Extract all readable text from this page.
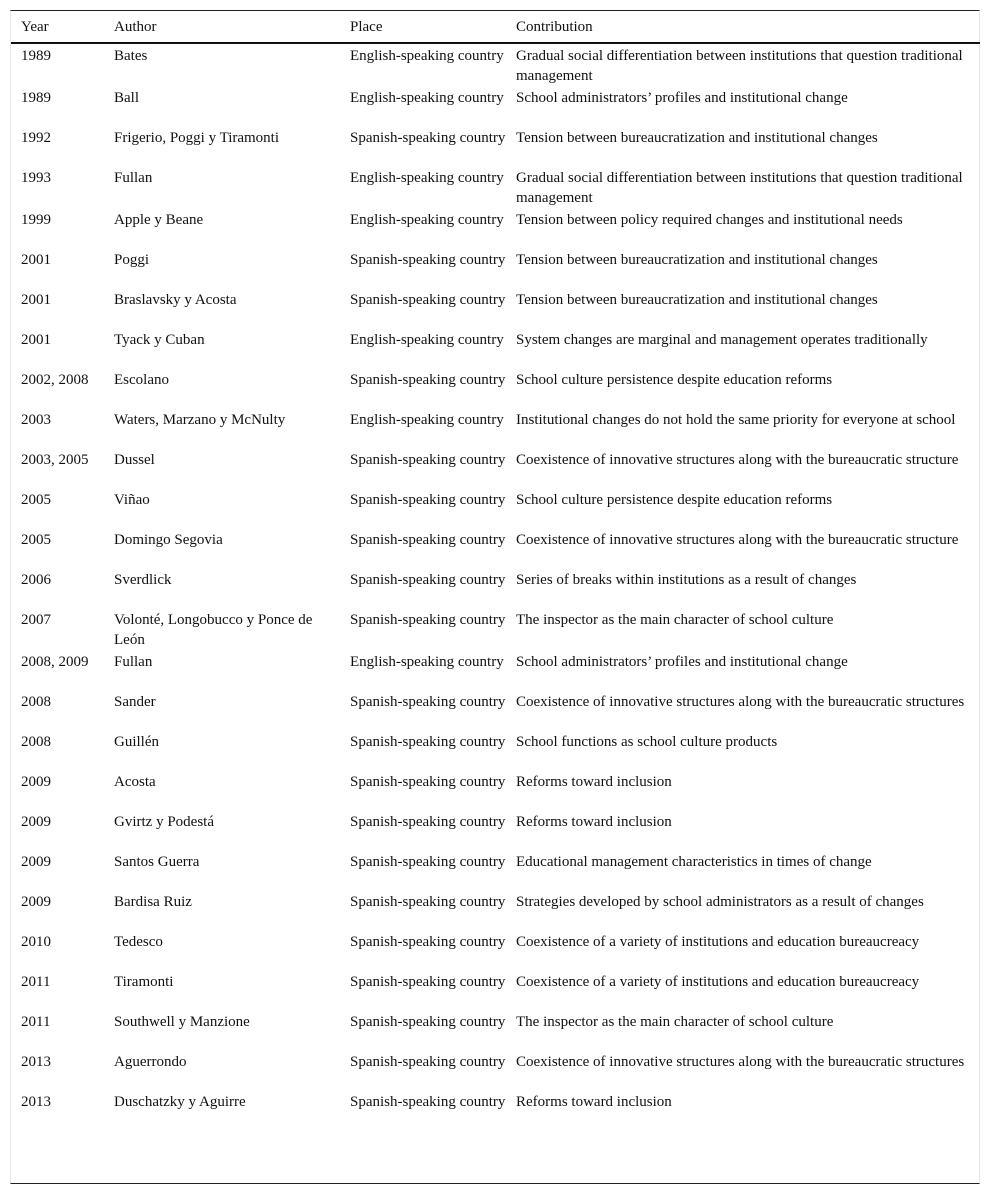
Year	Author	Place	Contribution
1989	Bates	English-speaking country	Gradual social differentiation between institutions that question traditional management
1989	Ball	English-speaking country	School administrators’ profiles and institutional change
1992	Frigerio, Poggi y Tiramonti	Spanish-speaking country	Tension between bureaucratization and institutional changes
1993	Fullan	English-speaking country	Gradual social differentiation between institutions that question traditional management
1999	Apple y Beane	English-speaking country	Tension between policy required changes and institutional needs
2001	Poggi	Spanish-speaking country	Tension between bureaucratization and institutional changes
2001	Braslavsky y Acosta	Spanish-speaking country	Tension between bureaucratization and institutional changes
2001	Tyack y Cuban	English-speaking country	System changes are marginal and management operates traditionally
2002, 2008	Escolano	Spanish-speaking country	School culture persistence despite education reforms
2003	Waters, Marzano y McNulty	English-speaking country	Institutional changes do not hold the same priority for everyone at school
2003, 2005	Dussel	Spanish-speaking country	Coexistence of innovative structures along with the bureaucratic structure
2005	Viñao	Spanish-speaking country	School culture persistence despite education reforms
2005	Domingo Segovia	Spanish-speaking country	Coexistence of innovative structures along with the bureaucratic structure
2006	Sverdlick	Spanish-speaking country	Series of breaks within institutions as a result of changes
2007	Volonté, Longobucco y Ponce de León	Spanish-speaking country	The inspector as the main character of school culture
2008, 2009	Fullan	English-speaking country	School administrators’ profiles and institutional change
2008	Sander	Spanish-speaking country	Coexistence of innovative structures along with the bureaucratic structures
2008	Guillén	Spanish-speaking country	School functions as school culture products
2009	Acosta	Spanish-speaking country	Reforms toward inclusion
2009	Gvirtz y Podestá	Spanish-speaking country	Reforms toward inclusion
2009	Santos Guerra	Spanish-speaking country	Educational management characteristics in times of change
2009	Bardisa Ruiz	Spanish-speaking country	Strategies developed by school administrators as a result of changes
2010	Tedesco	Spanish-speaking country	Coexistence of a variety of institutions and education bureaucreacy
2011	Tiramonti	Spanish-speaking country	Coexistence of a variety of institutions and education bureaucreacy
2011	Southwell y Manzione	Spanish-speaking country	The inspector as the main character of school culture
2013	Aguerrondo	Spanish-speaking country	Coexistence of innovative structures along with the bureaucratic structures
2013	Duschatzky y Aguirre	Spanish-speaking country	Reforms toward inclusion
